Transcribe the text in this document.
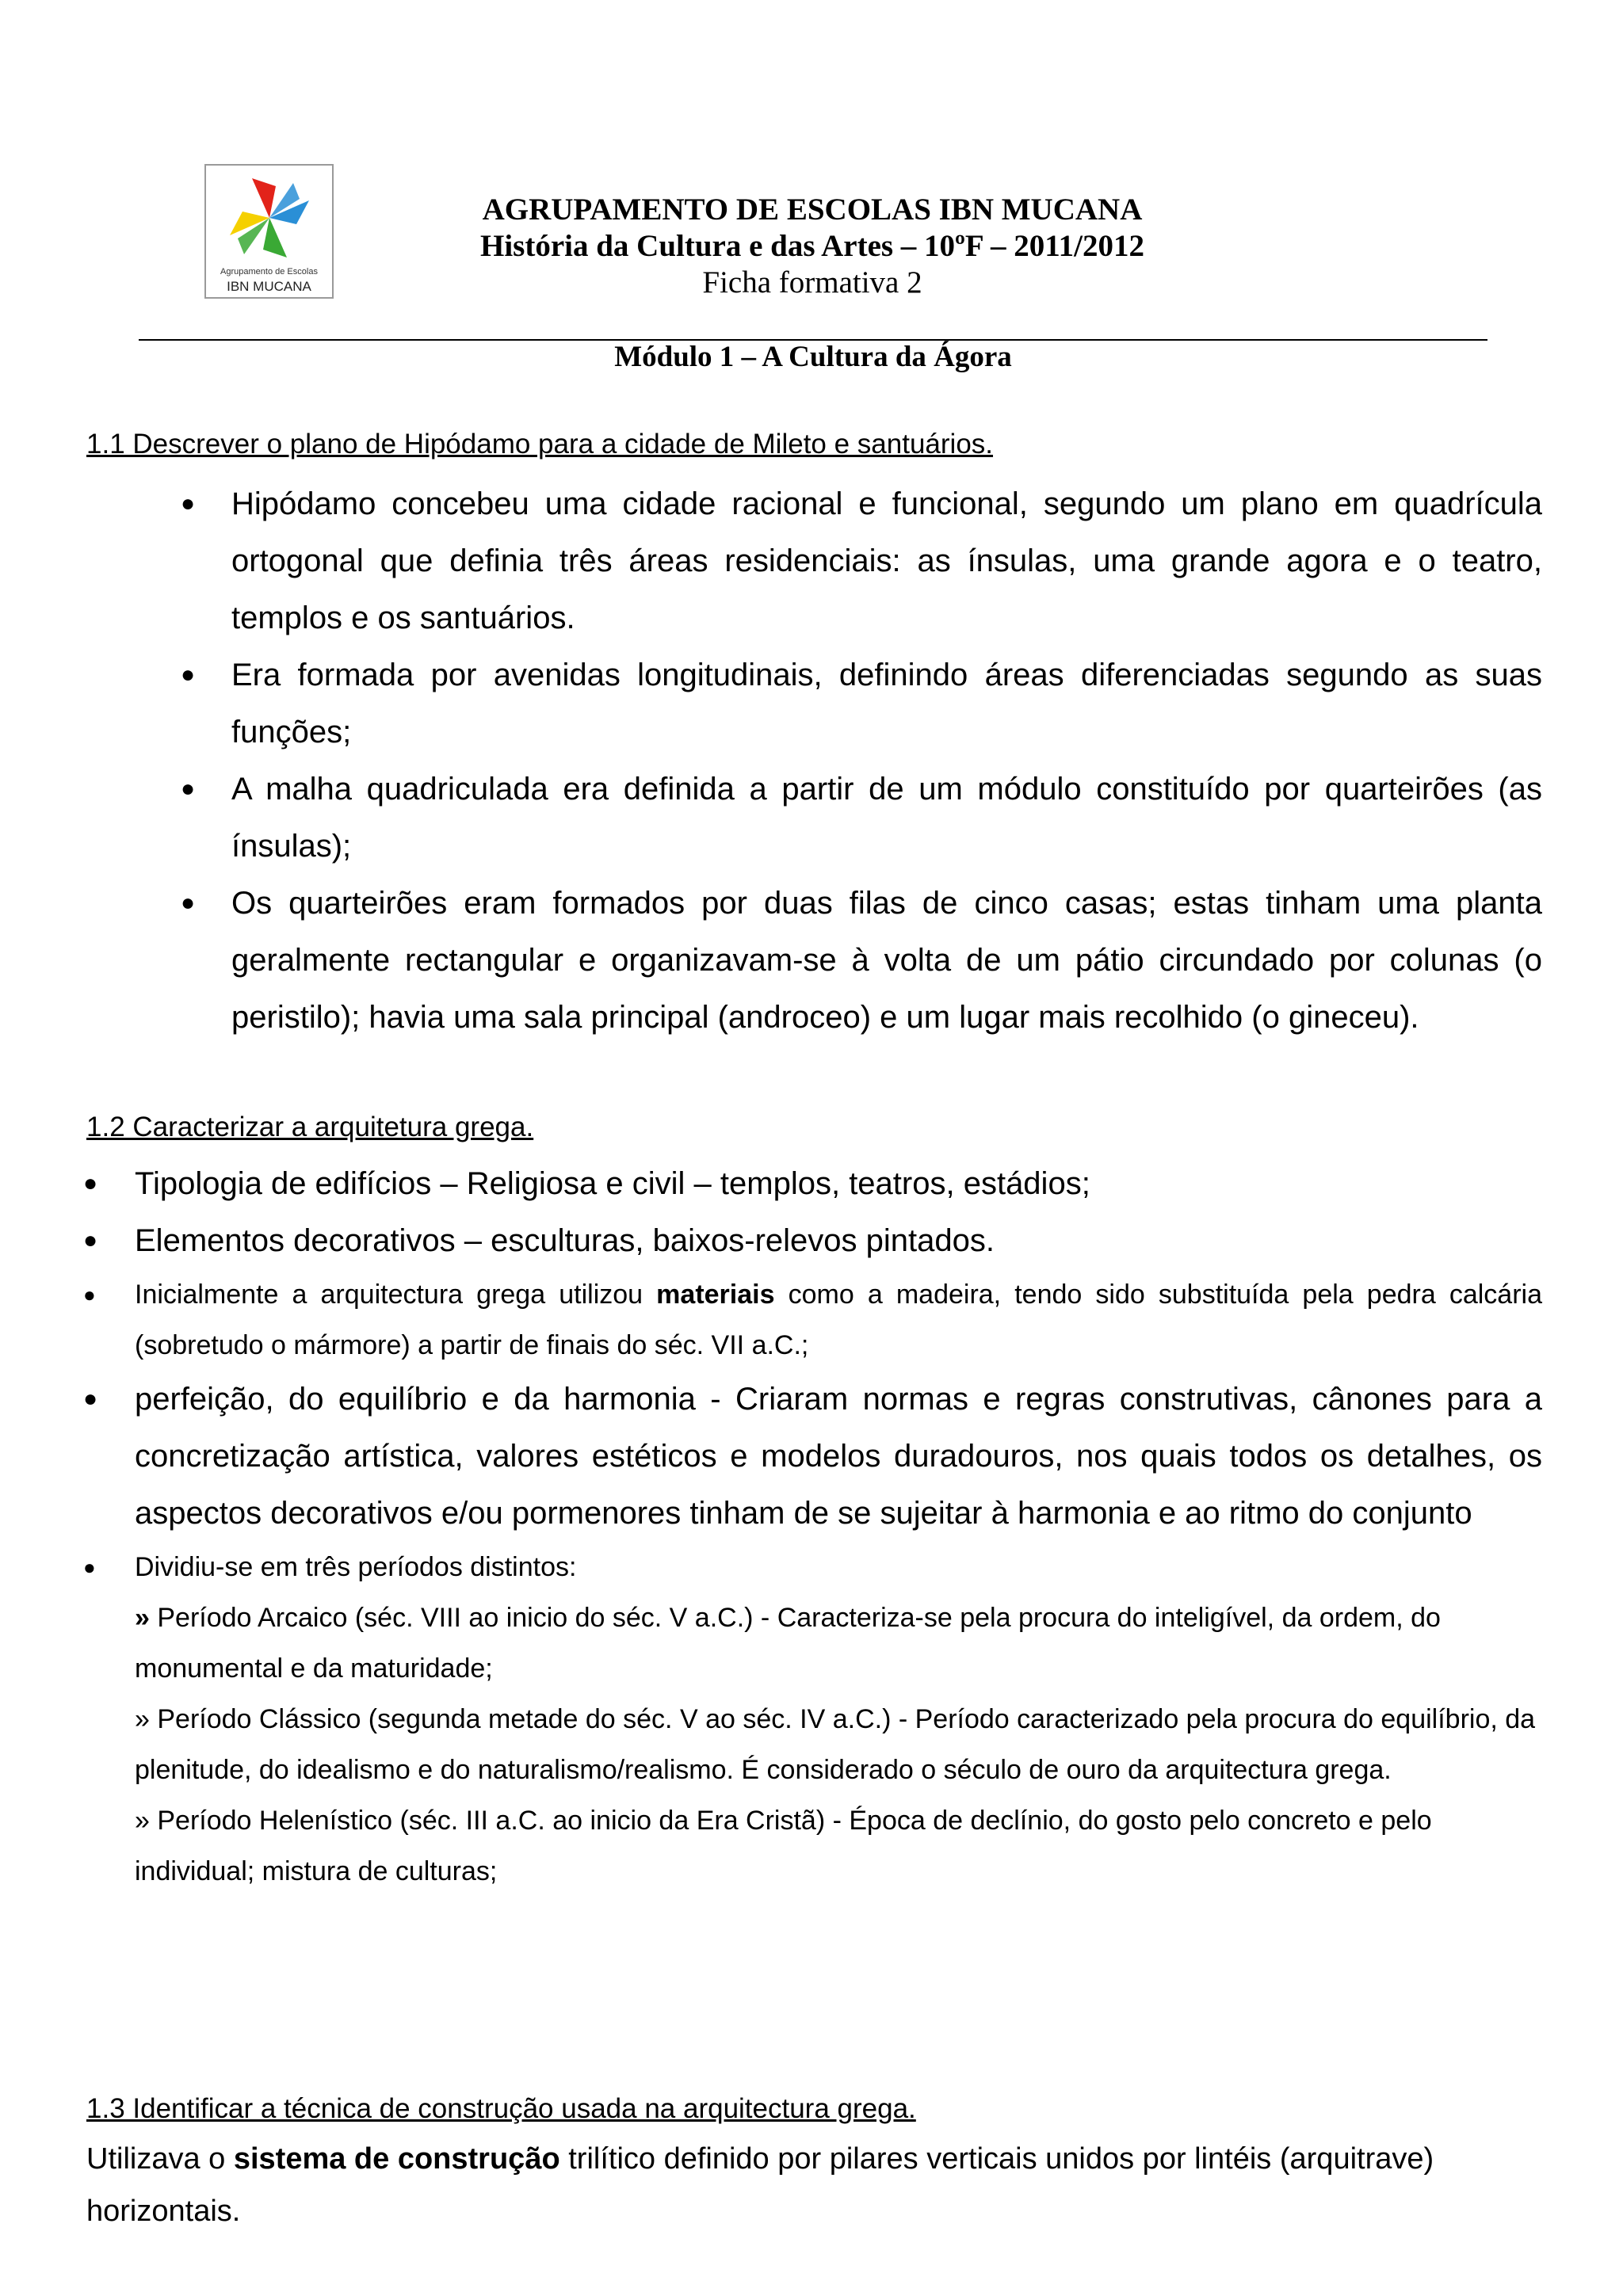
Agrupamento de Escolas
IBN MUCANA
AGRUPAMENTO DE ESCOLAS IBN MUCANA
História da Cultura e das Artes – 10ºF – 2011/2012
Ficha formativa 2
Módulo 1 – A Cultura da Ágora
1.1 Descrever o plano de Hipódamo para a cidade de Mileto e santuários.
● Hipódamo concebeu uma cidade racional e funcional, segundo um plano em quadrícula ortogonal que definia três áreas residenciais: as ínsulas, uma grande agora e o teatro, templos e os santuários.
● Era formada por avenidas longitudinais, definindo áreas diferenciadas segundo as suas funções;
● A malha quadriculada era definida a partir de um módulo constituído por quarteirões (as ínsulas);
● Os quarteirões eram formados por duas filas de cinco casas; estas tinham uma planta geralmente rectangular e organizavam-se à volta de um pátio circundado por colunas (o peristilo); havia uma sala principal (androceo) e um lugar mais recolhido (o gineceu).
1.2 Caracterizar a arquitetura grega.
● Tipologia de edifícios – Religiosa e civil – templos, teatros, estádios;
● Elementos decorativos – esculturas, baixos-relevos pintados.
● Inicialmente a arquitectura grega utilizou materiais como a madeira, tendo sido substituída pela pedra calcária (sobretudo o mármore) a partir de finais do séc. VII a.C.;
● perfeição, do equilíbrio e da harmonia - Criaram normas e regras construtivas, cânones para a concretização artística, valores estéticos e modelos duradouros, nos quais todos os detalhes, os aspectos decorativos e/ou pormenores tinham de se sujeitar à harmonia e ao ritmo do conjunto
● Dividiu-se em três períodos distintos:
» Período Arcaico (séc. VIII ao inicio do séc. V a.C.) - Caracteriza-se pela procura do inteligível, da ordem, do monumental e da maturidade;
» Período Clássico (segunda metade do séc. V ao séc. IV a.C.) - Período caracterizado pela procura do equilíbrio, da plenitude, do idealismo e do naturalismo/realismo. É considerado o século de ouro da arquitectura grega.
» Período Helenístico (séc. III a.C. ao inicio da Era Cristã) - Época de declínio, do gosto pelo concreto e pelo individual; mistura de culturas;
1.3 Identificar a técnica de construção usada na arquitectura grega.
Utilizava o sistema de construção trilítico definido por pilares verticais unidos por lintéis (arquitrave)
horizontais.
